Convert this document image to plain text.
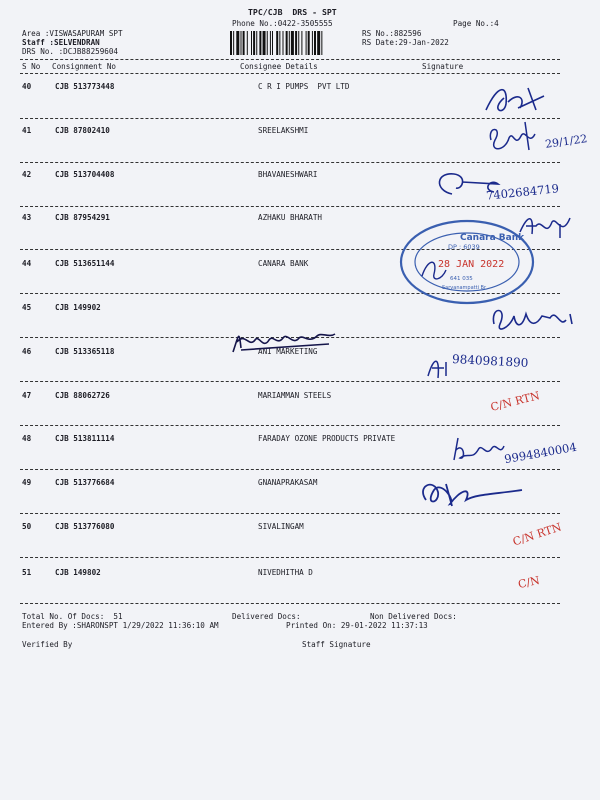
TPC/CJB  DRS - SPT
Phone No.:0422-3505555	Page No.:4
Area :VISWASAPURAM SPT
Staff :SELVENDRAN
DRS No. :DCJB88259604
RS No.:882596
RS Date:29-Jan-2022
S No Consignment No	Consignee Details	Signature
40	CJB 513773448	C R I PUMPS  PVT LTD
41	CJB 87802410	SREELAKSHMI
42	CJB 513704408	BHAVANESHWARI
43	CJB 87954291	AZHAKU BHARATH
44	CJB 513651144	CANARA BANK
45	CJB 149902
46	CJB 513365118	ANI MARKETING
47	CJB 88062726	MARIAMMAN STEELS
48	CJB 513811114	FARADAY OZONE PRODUCTS PRIVATE
49	CJB 513776684	GNANAPRAKASAM
50	CJB 513776080	SIVALINGAM
51	CJB 149802	NIVEDHITHA D
29/1/22
7402684719
Canara Bank
DP : 6039
28 JAN 2022
641 035
Sarvanampatti Br
9840981890
C/N RTN
9994840004
C/N RTN
C/N
Total No. Of Docs:  51	Delivered Docs:	Non Delivered Docs:
Entered By :SHARONSPT 1/29/2022 11:36:10 AM	Printed On: 29-01-2022 11:37:13
Verified By	Staff Signature
